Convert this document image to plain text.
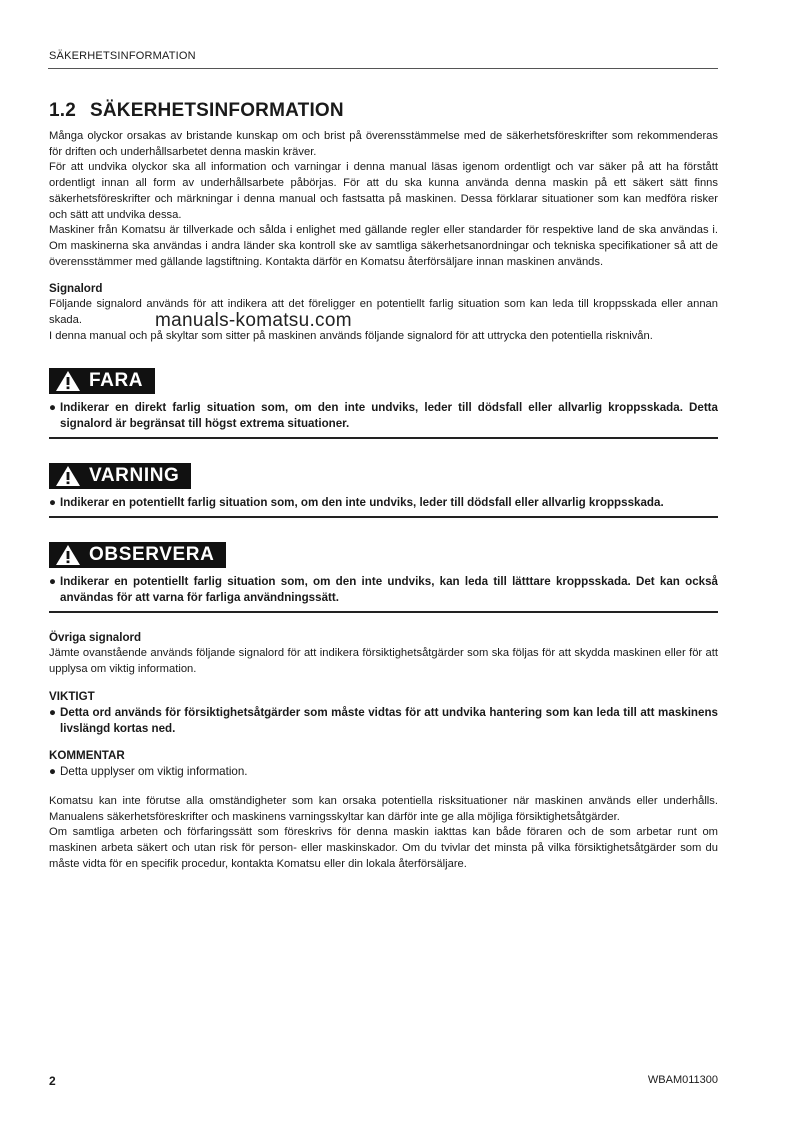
SÄKERHETSINFORMATION
manuals-komatsu.com
1.2 SÄKERHETSINFORMATION

Många olyckor orsakas av bristande kunskap om och brist på överensstämmelse med de säkerhetsföreskrifter som rekommenderas för driften och underhållsarbetet denna maskin kräver.

För att undvika olyckor ska all information och varningar i denna manual läsas igenom ordentligt och var säker på att ha förstått ordentligt innan all form av underhållsarbete påbörjas. För att du ska kunna använda denna maskin på ett säkert sätt finns säkerhetsföreskrifter och märkningar i denna manual och fastsatta på maskinen. Dessa förklarar situationer som kan medföra risker och sätt att undvika dessa.

Maskiner från Komatsu är tillverkade och sålda i enlighet med gällande regler eller standarder för respektive land de ska användas i. Om maskinerna ska användas i andra länder ska kontroll ske av samtliga säkerhetsanordningar och tekniska specifikationer så att de överensstämmer med gällande lagstiftning. Kontakta därför en Komatsu återförsäljare innan maskinen används.

Signalord

Följande signalord används för att indikera att det föreligger en potentiellt farlig situation som kan leda till kroppsskada eller annan skada.

I denna manual och på skyltar som sitter på maskinen används följande signalord för att uttrycka den potentiella risknivån.

FARA
● Indikerar en direkt farlig situation som, om den inte undviks, leder till dödsfall eller allvarlig kroppsskada. Detta signalord är begränsat till högst extrema situationer.
VARNING
● Indikerar en potentiellt farlig situation som, om den inte undviks, leder till dödsfall eller allvarlig kroppsskada.
OBSERVERA
● Indikerar en potentiellt farlig situation som, om den inte undviks, kan leda till lätttare kroppsskada. Det kan också användas för att varna för farliga användningssätt.
Övriga signalord

Jämte ovanstående används följande signalord för att indikera försiktighetsåtgärder som ska följas för att skydda maskinen eller för att upplysa om viktig information.

VIKTIGT
● Detta ord används för försiktighetsåtgärder som måste vidtas för att undvika hantering som kan leda till att maskinens livslängd kortas ned.
KOMMENTAR
● Detta upplyser om viktig information.

Komatsu kan inte förutse alla omständigheter som kan orsaka potentiella risksituationer när maskinen används eller underhålls. Manualens säkerhetsföreskrifter och maskinens varningsskyltar kan därför inte ge alla möjliga försiktighetsåtgärder.

Om samtliga arbeten och förfaringssätt som föreskrivs för denna maskin iakttas kan både föraren och de som arbetar runt om maskinen arbeta säkert och utan risk för person- eller maskinskador. Om du tvivlar det minsta på vilka försiktighetsåtgärder som du måste vidta för en specifik procedur, kontakta Komatsu eller din lokala återförsäljare.

2	WBAM011300
